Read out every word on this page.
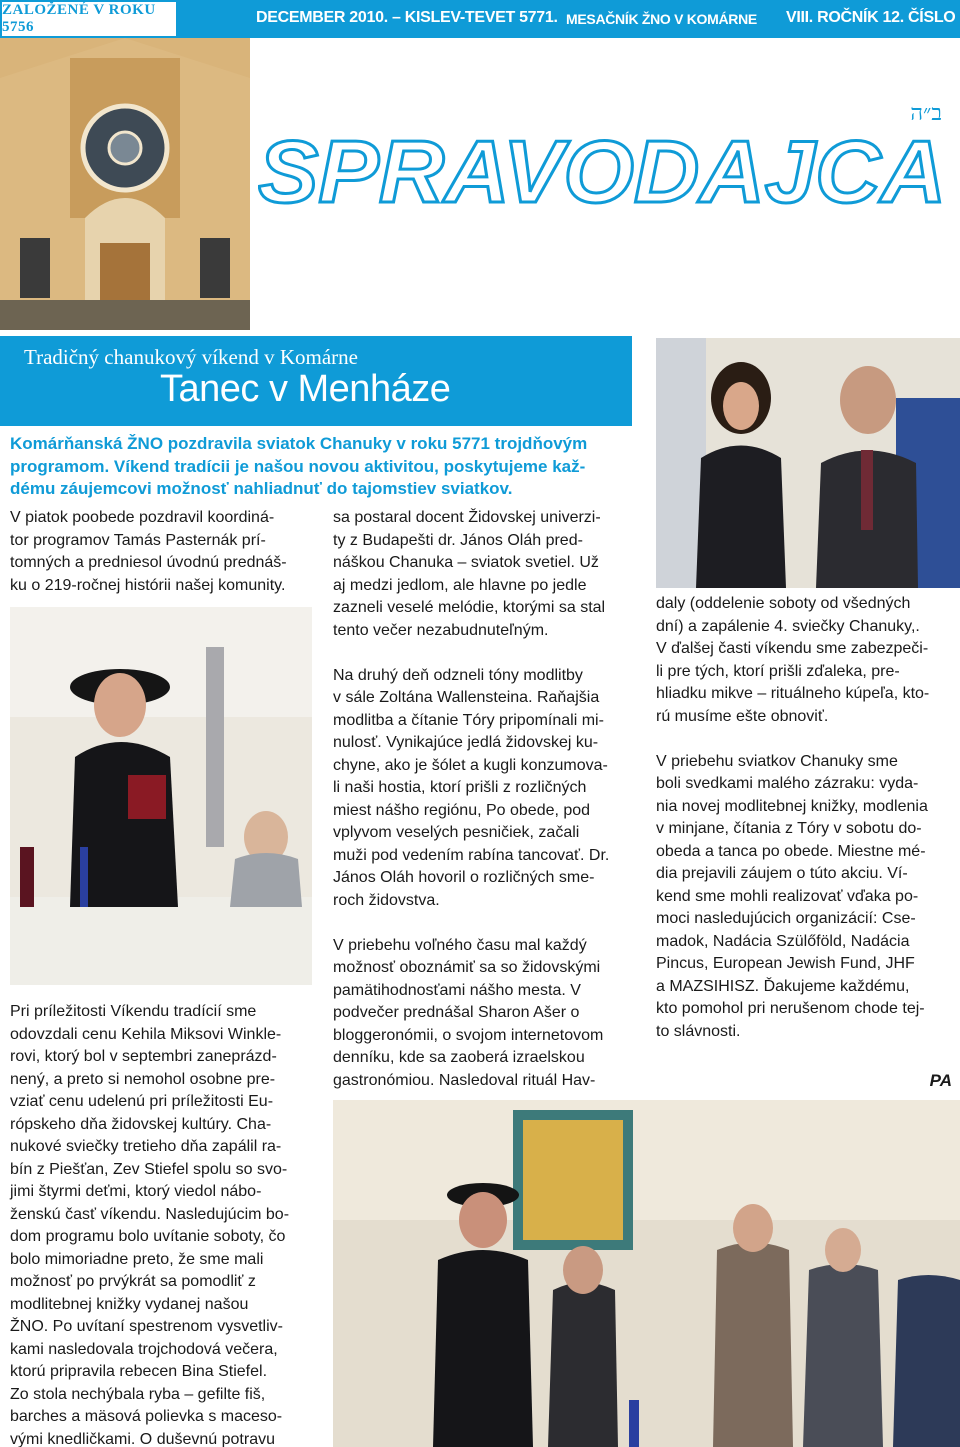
ZALOŽENÉ V ROKU 5756
DECEMBER 2010. – KISLEV-TEVET 5771. MESAČNÍK ŽNO V KOMÁRNE VIII. ROČNÍK 12. ČÍSLO
ב״ה
SPRAVODAJCA
Tradičný chanukový víkend v Komárne
Tanec v Menháze
Komárňanská ŽNO pozdravila sviatok Chanuky v roku 5771 trojdňovým
programom. Víkend tradícii je našou novou aktivitou, poskytujeme kaž-
dému záujemcovi možnosť nahliadnuť do tajomstiev sviatkov.
V piatok poobede pozdravil koordiná-
tor programov Tamás Pasternák prí-
tomných a predniesol úvodnú prednáš-
ku o 219-ročnej histórii našej komunity.
Pri príležitosti Víkendu tradícií sme
odovzdali cenu Kehila Miksovi Winkle-
rovi, ktorý bol v septembri zaneprázd-
nený, a preto si nemohol osobne pre-
vziať cenu udelenú pri príležitosti Eu-
rópskeho dňa židovskej kultúry. Cha-
nukové sviečky tretieho dňa zapálil ra-
bín z Piešťan, Zev Stiefel spolu so svo-
jimi štyrmi deťmi, ktorý viedol nábo-
ženskú časť víkendu. Nasledujúcim bo-
dom programu bolo uvítanie soboty, čo
bolo mimoriadne preto, že sme mali
možnosť po prvýkrát sa pomodliť z
modlitebnej knižky vydanej našou
ŽNO. Po uvítaní spestrenom vysvetliv-
kami nasledovala trojchodová večera,
ktorú pripravila rebecen Bina Stiefel.
Zo stola nechýbala ryba – gefilte fiš,
barches a mäsová polievka s maceso-
vými knedličkami. O duševnú potravu
sa postaral docent Židovskej univerzi-
ty z Budapešti dr. János Oláh pred-
náškou Chanuka – sviatok svetiel. Už
aj medzi jedlom, ale hlavne po jedle
zazneli veselé melódie, ktorými sa stal
tento večer nezabudnuteľným.
Na druhý deň odzneli tóny modlitby
v sále Zoltána Wallensteina. Raňajšia
modlitba a čítanie Tóry pripomínali mi-
nulosť. Vynikajúce jedlá židovskej ku-
chyne, ako je šólet a kugli konzumova-
li naši hostia, ktorí prišli z rozličných
miest nášho regiónu, Po obede, pod
vplyvom veselých pesničiek, začali
muži pod vedením rabína tancovať. Dr.
János Oláh hovoril o rozličných sme-
roch židovstva.
V priebehu voľného času mal každý
možnosť oboznámiť sa so židovskými
pamätihodnosťami nášho mesta. V
podvečer prednášal Sharon Ašer o
bloggeronómii, o svojom internetovom
denníku, kde sa zaoberá izraelskou
gastronómiou. Nasledoval rituál Hav-
daly (oddelenie soboty od všedných
dní) a zapálenie 4. sviečky Chanuky,.
V ďalšej časti víkendu sme zabezpeči-
li pre tých, ktorí prišli zďaleka, pre-
hliadku mikve – rituálneho kúpeľa, kto-
rú musíme ešte obnoviť.
V priebehu sviatkov Chanuky sme
boli svedkami malého zázraku: vyda-
nia novej modlitebnej knižky, modlenia
v minjane, čítania z Tóry v sobotu do-
obeda a tanca po obede. Miestne mé-
dia prejavili záujem o túto akciu. Ví-
kend sme mohli realizovať vďaka po-
moci nasledujúcich organizácií: Cse-
madok, Nadácia Szülőföld, Nadácia
Pincus, European Jewish Fund, JHF
a MAZSIHISZ. Ďakujeme každému,
kto pomohol pri nerušenom chode tej-
to slávnosti.
PA
